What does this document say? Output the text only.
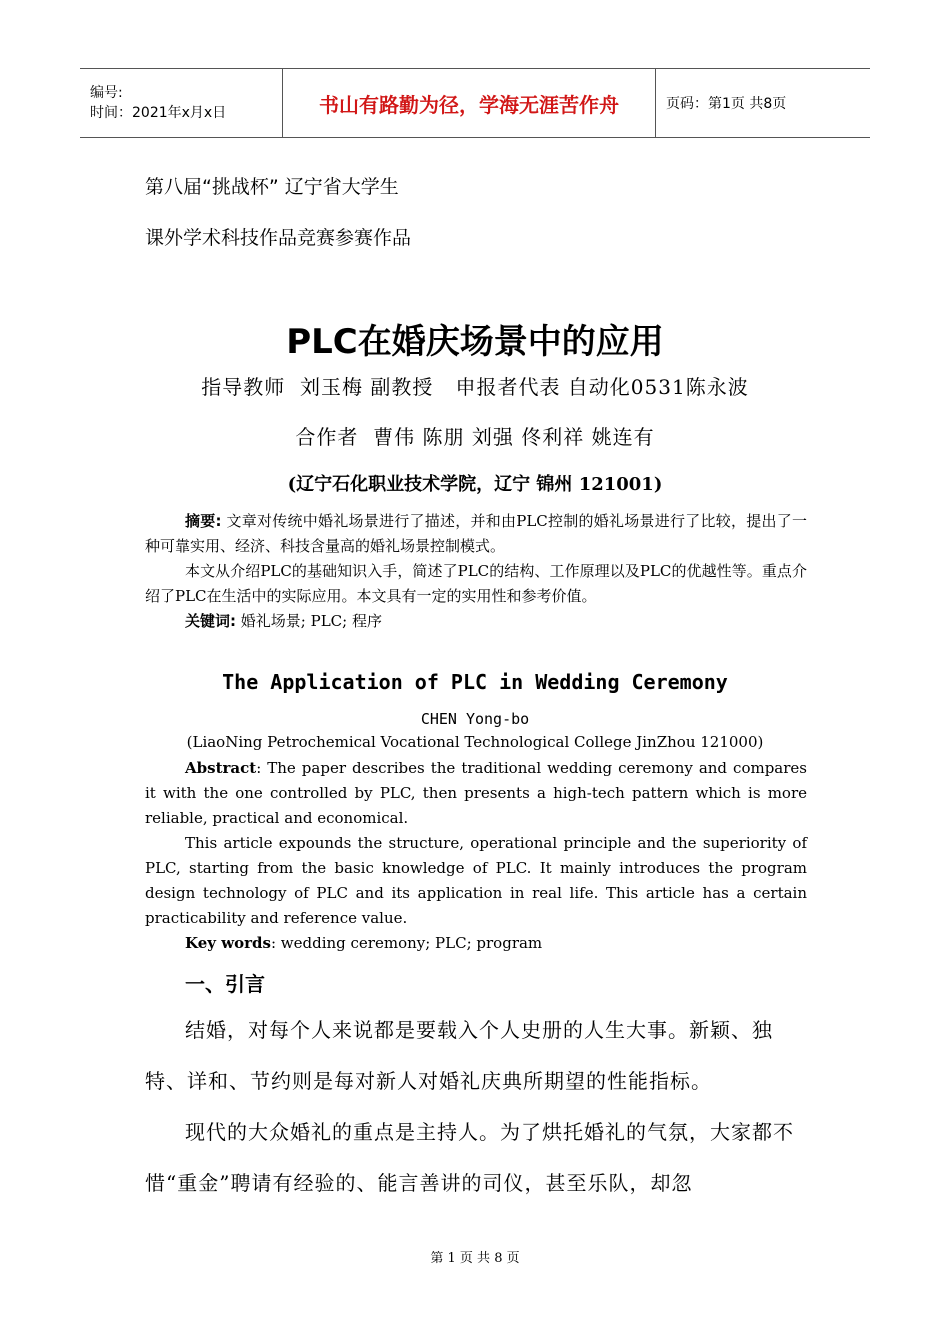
编号:
时间：2021年x月x日	书山有路勤为径，学海无涯苦作舟	页码：第1页 共8页
第八届“挑战杯” 辽宁省大学生
课外学术科技作品竞赛参赛作品
PLC在婚庆场景中的应用
指导教师  刘玉梅 副教授   申报者代表 自动化0531陈永波
合作者  曹伟 陈朋 刘强 佟利祥 姚连有
(辽宁石化职业技术学院，辽宁 锦州 121001)
摘要: 文章对传统中婚礼场景进行了描述，并和由PLC控制的婚礼场景进行了比较，提出了一种可靠实用、经济、科技含量高的婚礼场景控制模式。
本文从介绍PLC的基础知识入手，简述了PLC的结构、工作原理以及PLC的优越性等。重点介绍了PLC在生活中的实际应用。本文具有一定的实用性和参考价值。
关键词: 婚礼场景; PLC; 程序
The Application of PLC in Wedding Ceremony
CHEN Yong-bo
(LiaoNing Petrochemical Vocational Technological College JinZhou 121000)
Abstract: The paper describes the traditional wedding ceremony and compares it with the one controlled by PLC, then presents a high-tech pattern which is more reliable, practical and economical.
This article expounds the structure, operational principle and the superiority of PLC, starting from the basic knowledge of PLC. It mainly introduces the program design technology of PLC and its application in real life. This article has a certain practicability and reference value.
Key words: wedding ceremony; PLC; program
一、引言
结婚，对每个人来说都是要载入个人史册的人生大事。新颖、独特、详和、节约则是每对新人对婚礼庆典所期望的性能指标。
现代的大众婚礼的重点是主持人。为了烘托婚礼的气氛，大家都不惜“重金”聘请有经验的、能言善讲的司仪，甚至乐队，却忽
第 1 页 共 8 页
